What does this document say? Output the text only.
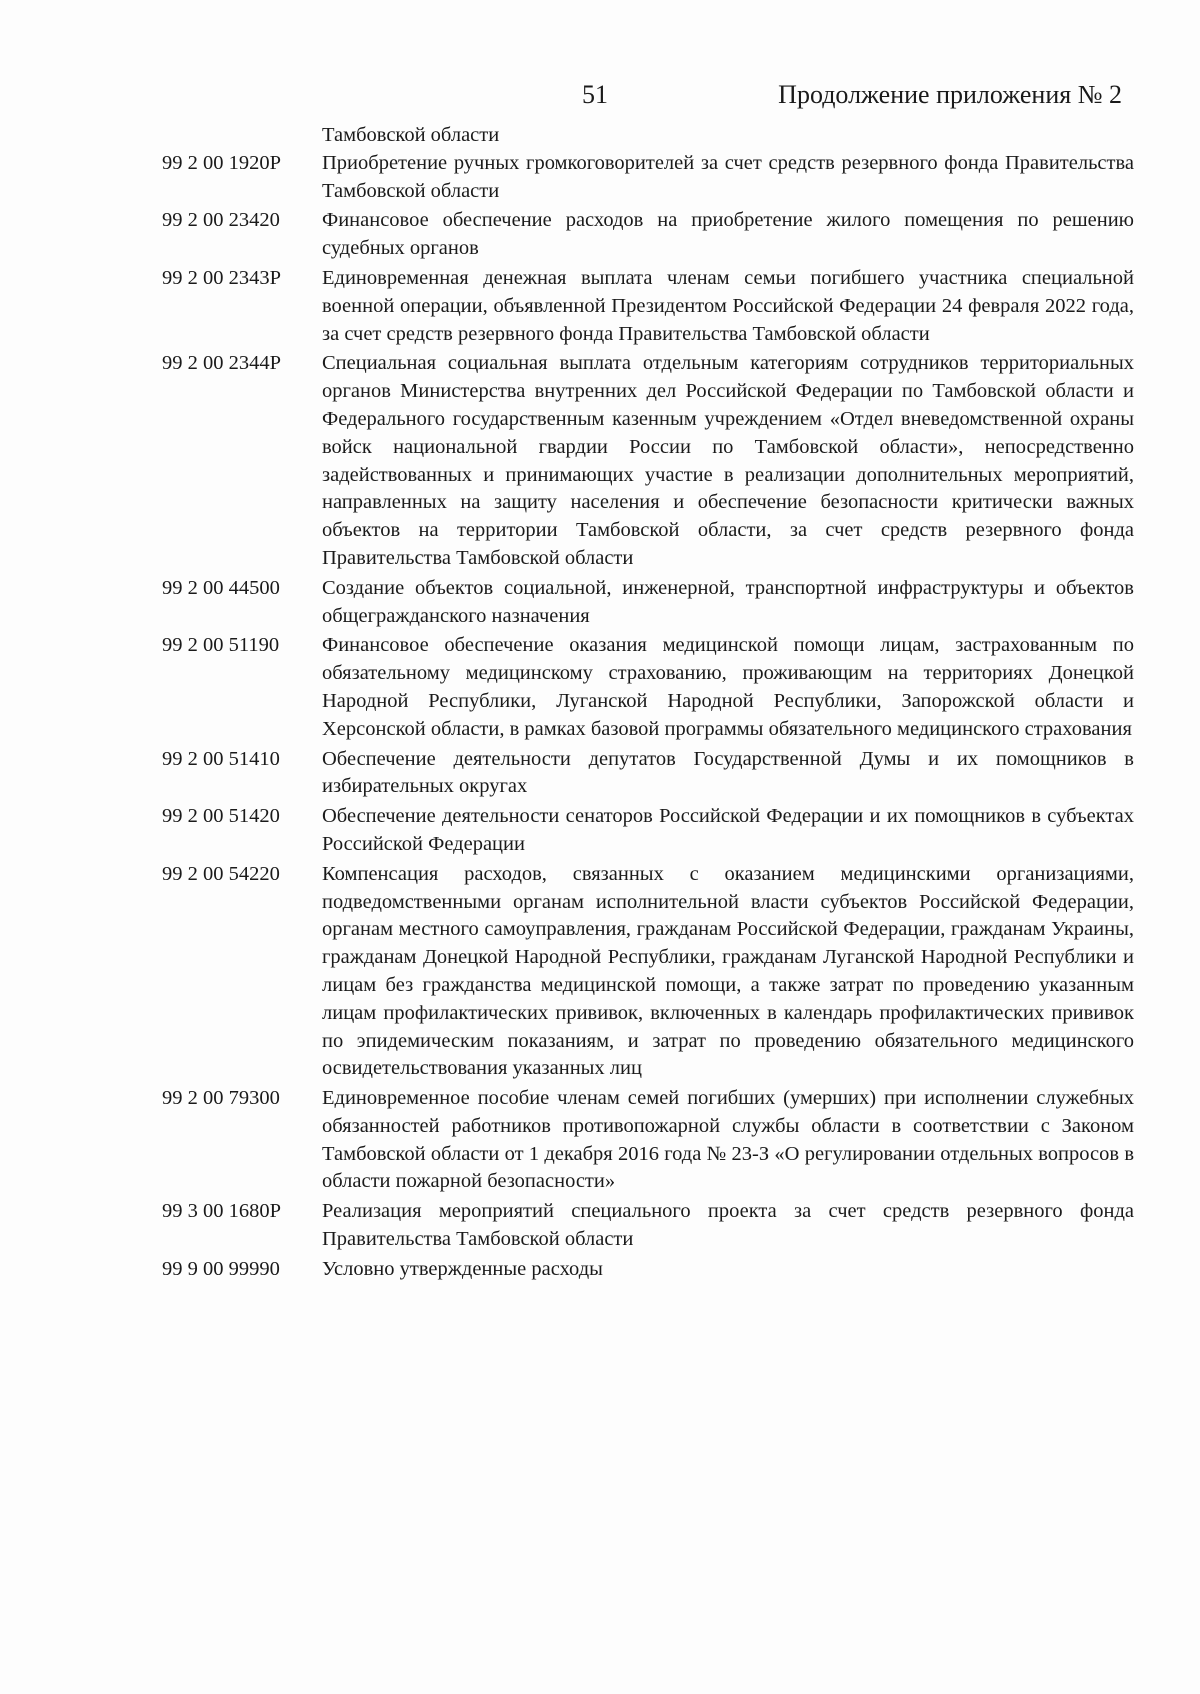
51	Продолжение приложения № 2
Тамбовской области
99 2 00 1920Р	Приобретение ручных громкоговорителей за счет средств резервного фонда Правительства Тамбовской области
99 2 00 23420	Финансовое обеспечение расходов на приобретение жилого помещения по решению судебных органов
99 2 00 2343Р	Единовременная денежная выплата членам семьи погибшего участника специальной военной операции, объявленной Президентом Российской Федерации 24 февраля 2022 года, за счет средств резервного фонда Правительства Тамбовской области
99 2 00 2344Р	Специальная социальная выплата отдельным категориям сотрудников территориальных органов Министерства внутренних дел Российской Федерации по Тамбовской области и Федерального государственным казенным учреждением «Отдел вневедомственной охраны войск национальной гвардии России по Тамбовской области», непосредственно задействованных и принимающих участие в реализации дополнительных мероприятий, направленных на защиту населения и обеспечение безопасности критически важных объектов на территории Тамбовской области, за счет средств резервного фонда Правительства Тамбовской области
99 2 00 44500	Создание объектов социальной, инженерной, транспортной инфраструктуры и объектов общегражданского назначения
99 2 00 51190	Финансовое обеспечение оказания медицинской помощи лицам, застрахованным по обязательному медицинскому страхованию, проживающим на территориях Донецкой Народной Республики, Луганской Народной Республики, Запорожской области и Херсонской области, в рамках базовой программы обязательного медицинского страхования
99 2 00 51410	Обеспечение деятельности депутатов Государственной Думы и их помощников в избирательных округах
99 2 00 51420	Обеспечение деятельности сенаторов Российской Федерации и их помощников в субъектах Российской Федерации
99 2 00 54220	Компенсация расходов, связанных с оказанием медицинскими организациями, подведомственными органам исполнительной власти субъектов Российской Федерации, органам местного самоуправления, гражданам Российской Федерации, гражданам Украины, гражданам Донецкой Народной Республики, гражданам Луганской Народной Республики и лицам без гражданства медицинской помощи, а также затрат по проведению указанным лицам профилактических прививок, включенных в календарь профилактических прививок по эпидемическим показаниям, и затрат по проведению обязательного медицинского освидетельствования указанных лиц
99 2 00 79300	Единовременное пособие членам семей погибших (умерших) при исполнении служебных обязанностей работников противопожарной службы области в соответствии с Законом Тамбовской области от 1 декабря 2016 года № 23-З «О регулировании отдельных вопросов в области пожарной безопасности»
99 3 00 1680Р	Реализация мероприятий специального проекта за счет средств резервного фонда Правительства Тамбовской области
99 9 00 99990	Условно утвержденные расходы
